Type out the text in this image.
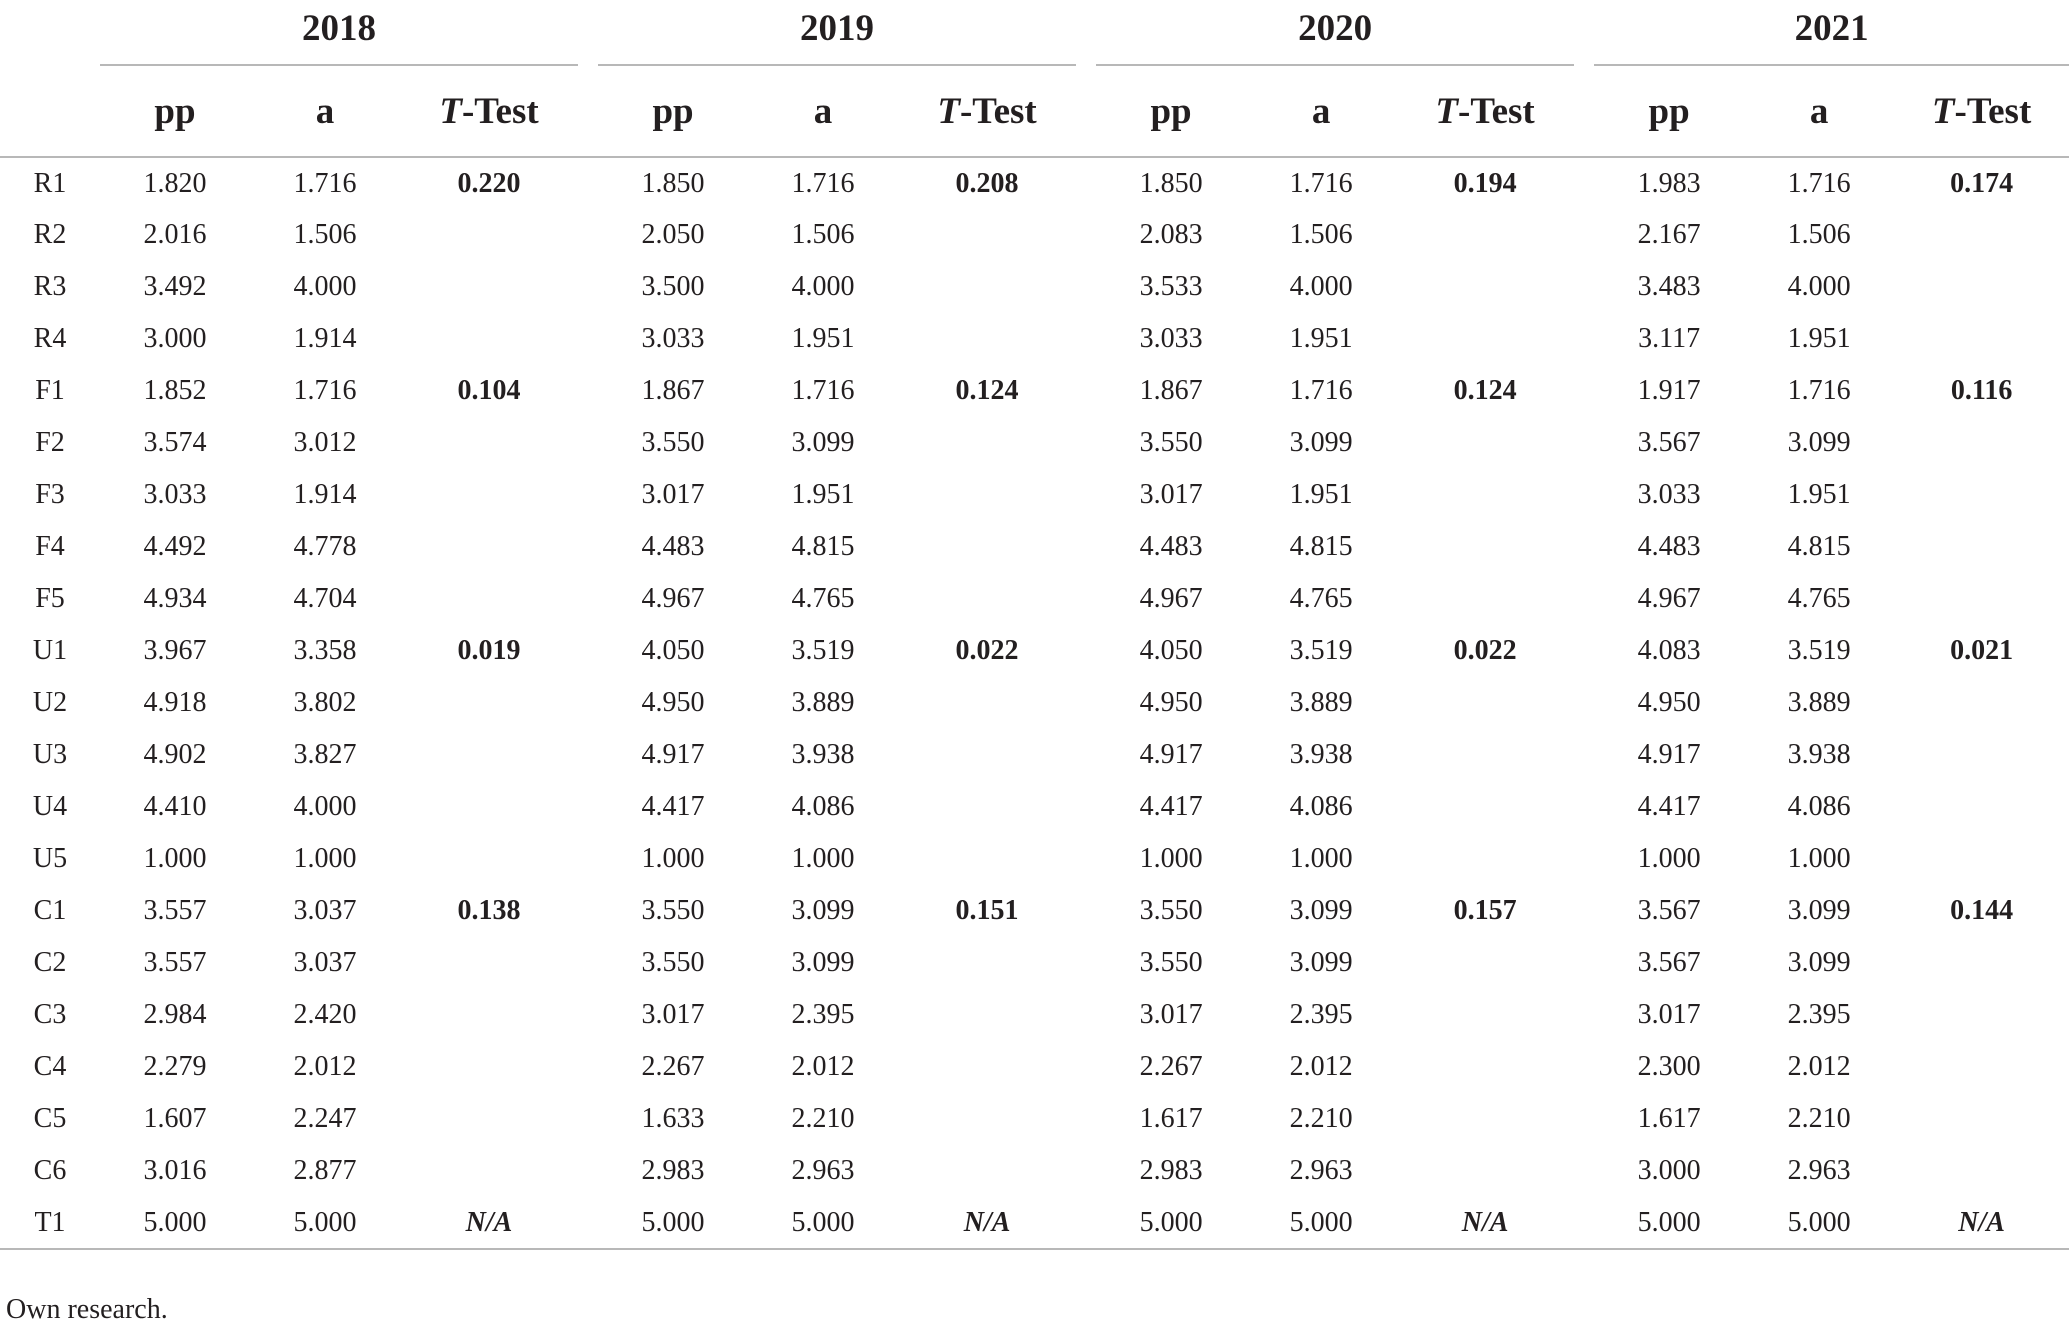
	2018				2019				2020				2021		
	pp	a	T-Test		pp	a	T-Test		pp	a	T-Test		pp	a	T-Test
R1	1.820	1.716	0.220		1.850	1.716	0.208		1.850	1.716	0.194		1.983	1.716	0.174
R2	2.016	1.506			2.050	1.506			2.083	1.506			2.167	1.506	
R3	3.492	4.000			3.500	4.000			3.533	4.000			3.483	4.000	
R4	3.000	1.914			3.033	1.951			3.033	1.951			3.117	1.951	
F1	1.852	1.716	0.104		1.867	1.716	0.124		1.867	1.716	0.124		1.917	1.716	0.116
F2	3.574	3.012			3.550	3.099			3.550	3.099			3.567	3.099	
F3	3.033	1.914			3.017	1.951			3.017	1.951			3.033	1.951	
F4	4.492	4.778			4.483	4.815			4.483	4.815			4.483	4.815	
F5	4.934	4.704			4.967	4.765			4.967	4.765			4.967	4.765	
U1	3.967	3.358	0.019		4.050	3.519	0.022		4.050	3.519	0.022		4.083	3.519	0.021
U2	4.918	3.802			4.950	3.889			4.950	3.889			4.950	3.889	
U3	4.902	3.827			4.917	3.938			4.917	3.938			4.917	3.938	
U4	4.410	4.000			4.417	4.086			4.417	4.086			4.417	4.086	
U5	1.000	1.000			1.000	1.000			1.000	1.000			1.000	1.000	
C1	3.557	3.037	0.138		3.550	3.099	0.151		3.550	3.099	0.157		3.567	3.099	0.144
C2	3.557	3.037			3.550	3.099			3.550	3.099			3.567	3.099	
C3	2.984	2.420			3.017	2.395			3.017	2.395			3.017	2.395	
C4	2.279	2.012			2.267	2.012			2.267	2.012			2.300	2.012	
C5	1.607	2.247			1.633	2.210			1.617	2.210			1.617	2.210	
C6	3.016	2.877			2.983	2.963			2.983	2.963			3.000	2.963	
T1	5.000	5.000	N/A		5.000	5.000	N/A		5.000	5.000	N/A		5.000	5.000	N/A
Own research.
